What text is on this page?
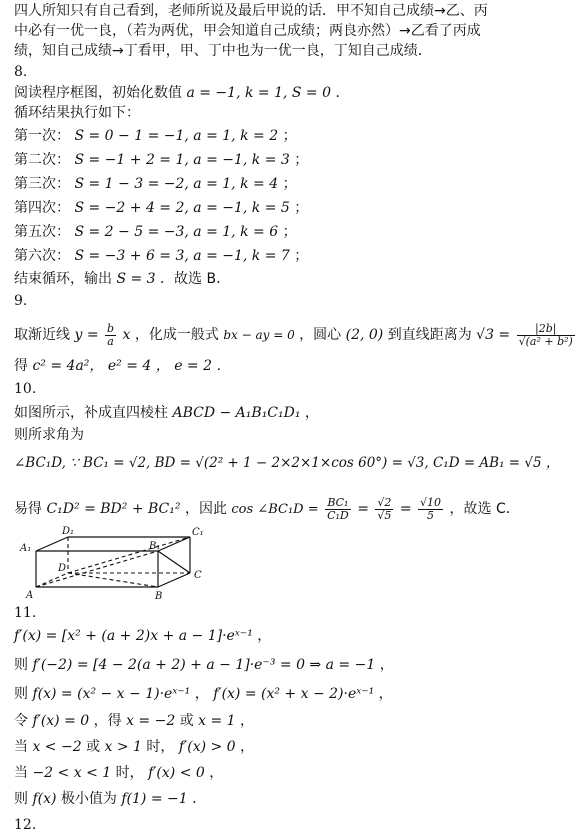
四人所知只有自己看到，老师所说及最后甲说的话．甲不知自己成绩→乙、丙
中必有一优一良，（若为两优，甲会知道自己成绩；两良亦然）→乙看了丙成
绩，知自己成绩→丁看甲，甲、丁中也为一优一良，丁知自己成绩．
8.
阅读程序框图，初始化数值 a = −1, k = 1, S = 0 ．
循环结果执行如下：
第一次： S = 0 − 1 = −1, a = 1, k = 2 ；
第二次： S = −1 + 2 = 1, a = −1, k = 3 ；
第三次： S = 1 − 3 = −2, a = 1, k = 4 ；
第四次： S = −2 + 4 = 2, a = −1, k = 5 ；
第五次： S = 2 − 5 = −3, a = 1, k = 6 ；
第六次： S = −3 + 6 = 3, a = −1, k = 7 ；
结束循环，输出 S = 3 ．故选 B．
9.
取渐近线 $y = \frac{b}{a}$ x ，化成一般式 bx − ay = 0 ，圆心 (2, 0) 到直线距离为 $√3 = \frac{|2b|}{\text{√(a² + b²)}}$
得 c² = 4a²， e² = 4 ， e = 2 ．
10.
如图所示，补成直四棱柱 ABCD − A₁B₁C₁D₁ ，
则所求角为
∠BC₁D, ∵ BC₁ = √2, BD = √(2² + 1 − 2×2×1×cos 60°) = √3, C₁D = AB₁ = √5 ，
易得 C₁D² = BD² + BC₁² ，因此 cos ∠BC₁D = $\frac{\text{BC₁}}{\text{C₁D}} = \frac{√2}{√5} = \frac{√10}{5}$ ，故选 C．
A₁
D₁	C₁
B₁
D
C
A	B
11.
f′(x) = [x² + (a + 2)x + a − 1]·eˣ⁻¹ ，
则 f′(−2) = [4 − 2(a + 2) + a − 1]·e⁻³ = 0 ⇒ a = −1 ，
则 f(x) = (x² − x − 1)·eˣ⁻¹ ， f′(x) = (x² + x − 2)·eˣ⁻¹ ，
令 f′(x) = 0 ，得 x = −2 或 x = 1 ，
当 x < −2 或 x > 1 时， f′(x) > 0 ，
当 −2 < x < 1 时， f′(x) < 0 ，
则 f(x) 极小值为 f(1) = −1 ．
12.
